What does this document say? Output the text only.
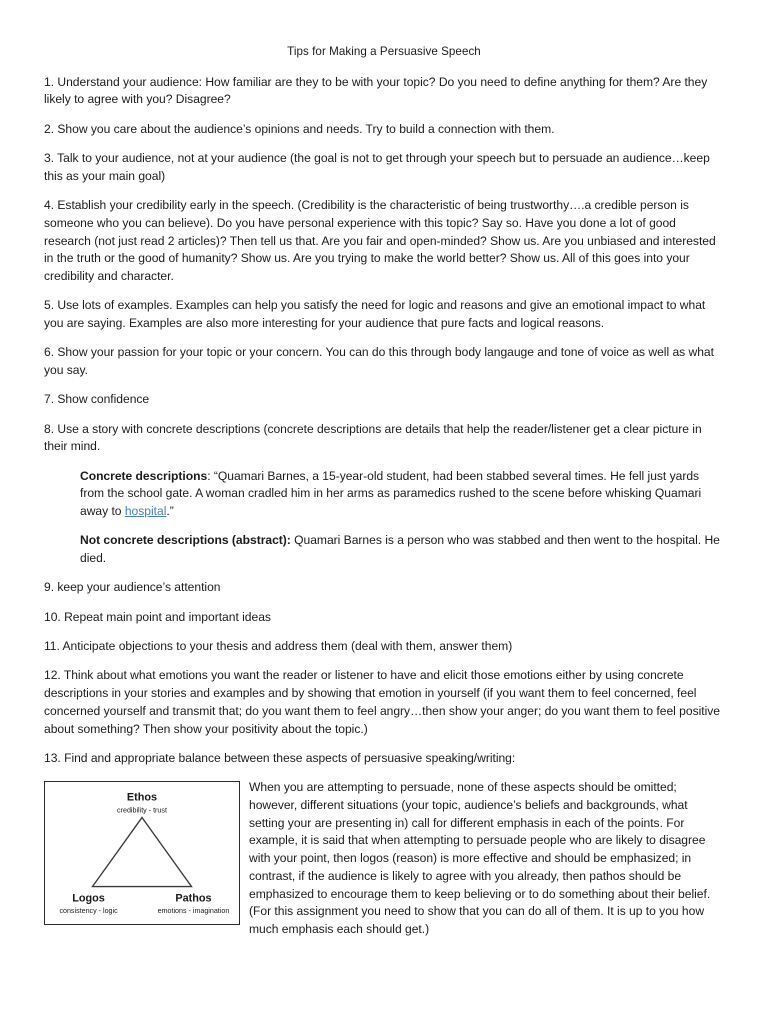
Tips for Making a Persuasive Speech

1. Understand your audience: How familiar are they to be with your topic? Do you need to define anything for them? Are they likely to agree with you? Disagree?

2. Show you care about the audience’s opinions and needs. Try to build a connection with them.

3. Talk to your audience, not at your audience (the goal is not to get through your speech but to persuade an audience…keep this as your main goal)

4. Establish your credibility early in the speech. (Credibility is the characteristic of being trustworthy….a credible person is someone who you can believe). Do you have personal experience with this topic? Say so. Have you done a lot of good research (not just read 2 articles)? Then tell us that. Are you fair and open-minded? Show us. Are you unbiased and interested in the truth or the good of humanity? Show us. Are you trying to make the world better? Show us. All of this goes into your credibility and character.

5. Use lots of examples. Examples can help you satisfy the need for logic and reasons and give an emotional impact to what you are saying. Examples are also more interesting for your audience that pure facts and logical reasons.

6. Show your passion for your topic or your concern. You can do this through body langauge and tone of voice as well as what you say.

7. Show confidence

8. Use a story with concrete descriptions (concrete descriptions are details that help the reader/listener get a clear picture in their mind.

Concrete descriptions: “Quamari Barnes, a 15-year-old student, had been stabbed several times. He fell just yards from the school gate. A woman cradled him in her arms as paramedics rushed to the scene before whisking Quamari away to hospital.”

Not concrete descriptions (abstract): Quamari Barnes is a person who was stabbed and then went to the hospital. He died.

9. keep your audience’s attention

10. Repeat main point and important ideas

11. Anticipate objections to your thesis and address them (deal with them, answer them)

12. Think about what emotions you want the reader or listener to have and elicit those emotions either by using concrete descriptions in your stories and examples and by showing that emotion in yourself (if you want them to feel concerned, feel concerned yourself and transmit that; do you want them to feel angry…then show your anger; do you want them to feel positive about something? Then show your positivity about the topic.)

13. Find and appropriate balance between these aspects of persuasive speaking/writing:

Ethos
credibility - trust
Logos
consistency - logic
Pathos
emotions - imagination

When you are attempting to persuade, none of these aspects should be omitted; however, different situations (your topic, audience’s beliefs and backgrounds, what setting your are presenting in) call for different emphasis in each of the points. For example, it is said that when attempting to persuade people who are likely to disagree with your point, then logos (reason) is more effective and should be emphasized; in contrast, if the audience is likely to agree with you already, then pathos should be emphasized to encourage them to keep believing or to do something about their belief. (For this assignment you need to show that you can do all of them. It is up to you how much emphasis each should get.)
